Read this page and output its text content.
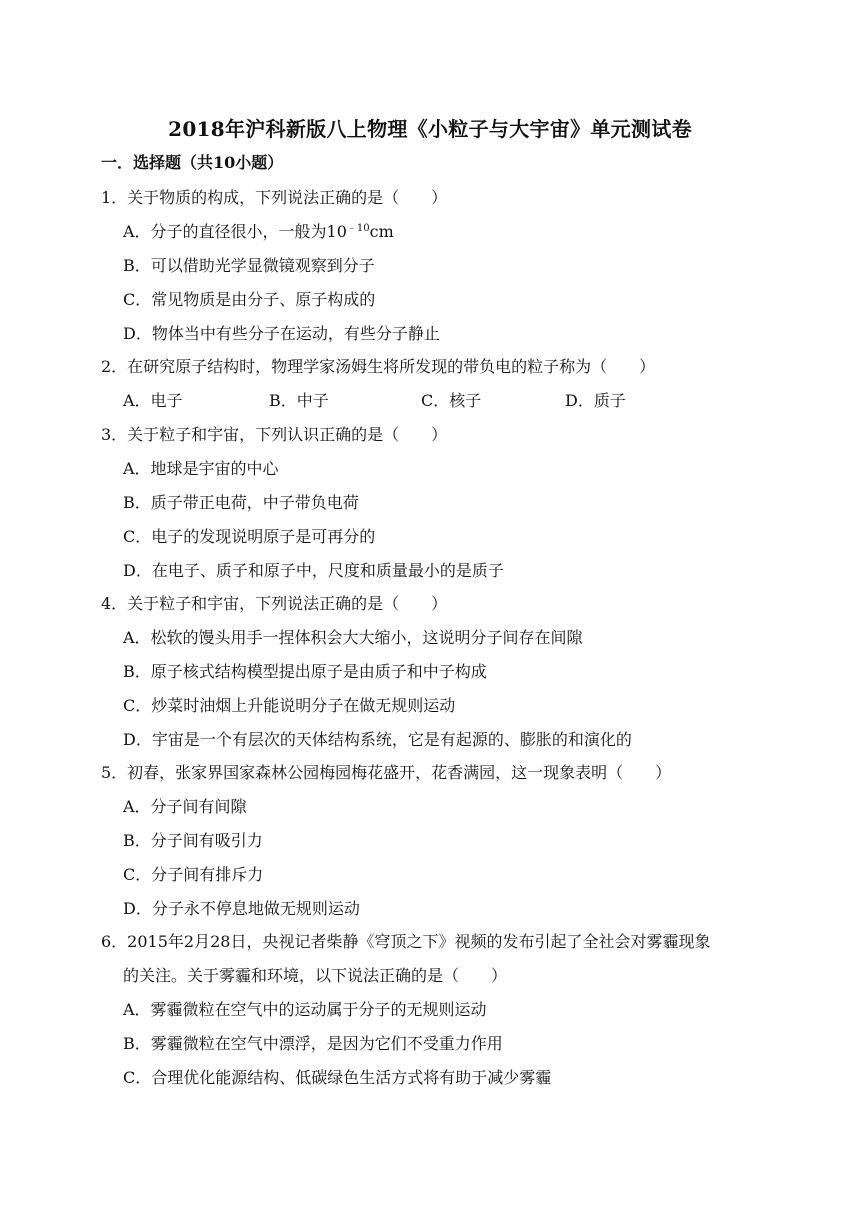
2018年沪科新版八上物理《小粒子与大宇宙》单元测试卷
一．选择题（共10小题）
1．关于物质的构成，下列说法正确的是（　　）
A．分子的直径很小，一般为$10^{﹣10}cm$
B．可以借助光学显微镜观察到分子
C．常见物质是由分子、原子构成的
D．物体当中有些分子在运动，有些分子静止
2．在研究原子结构时，物理学家汤姆生将所发现的带负电的粒子称为（　　）
A．电子	B．中子	C．核子	D．质子
3．关于粒子和宇宙，下列认识正确的是（　　）
A．地球是宇宙的中心
B．质子带正电荷，中子带负电荷
C．电子的发现说明原子是可再分的
D．在电子、质子和原子中，尺度和质量最小的是质子
4．关于粒子和宇宙，下列说法正确的是（　　）
A．松软的馒头用手一捏体积会大大缩小，这说明分子间存在间隙
B．原子核式结构模型提出原子是由质子和中子构成
C．炒菜时油烟上升能说明分子在做无规则运动
D．宇宙是一个有层次的天体结构系统，它是有起源的、膨胀的和演化的
5．初春，张家界国家森林公园梅园梅花盛开，花香满园，这一现象表明（　　）
A．分子间有间隙
B．分子间有吸引力
C．分子间有排斥力
D．分子永不停息地做无规则运动
6．2015年2月28日，央视记者柴静《穹顶之下》视频的发布引起了全社会对雾霾现象
的关注。关于雾霾和环境，以下说法正确的是（　　）
A．雾霾微粒在空气中的运动属于分子的无规则运动
B．雾霾微粒在空气中漂浮，是因为它们不受重力作用
C．合理优化能源结构、低碳绿色生活方式将有助于减少雾霾
